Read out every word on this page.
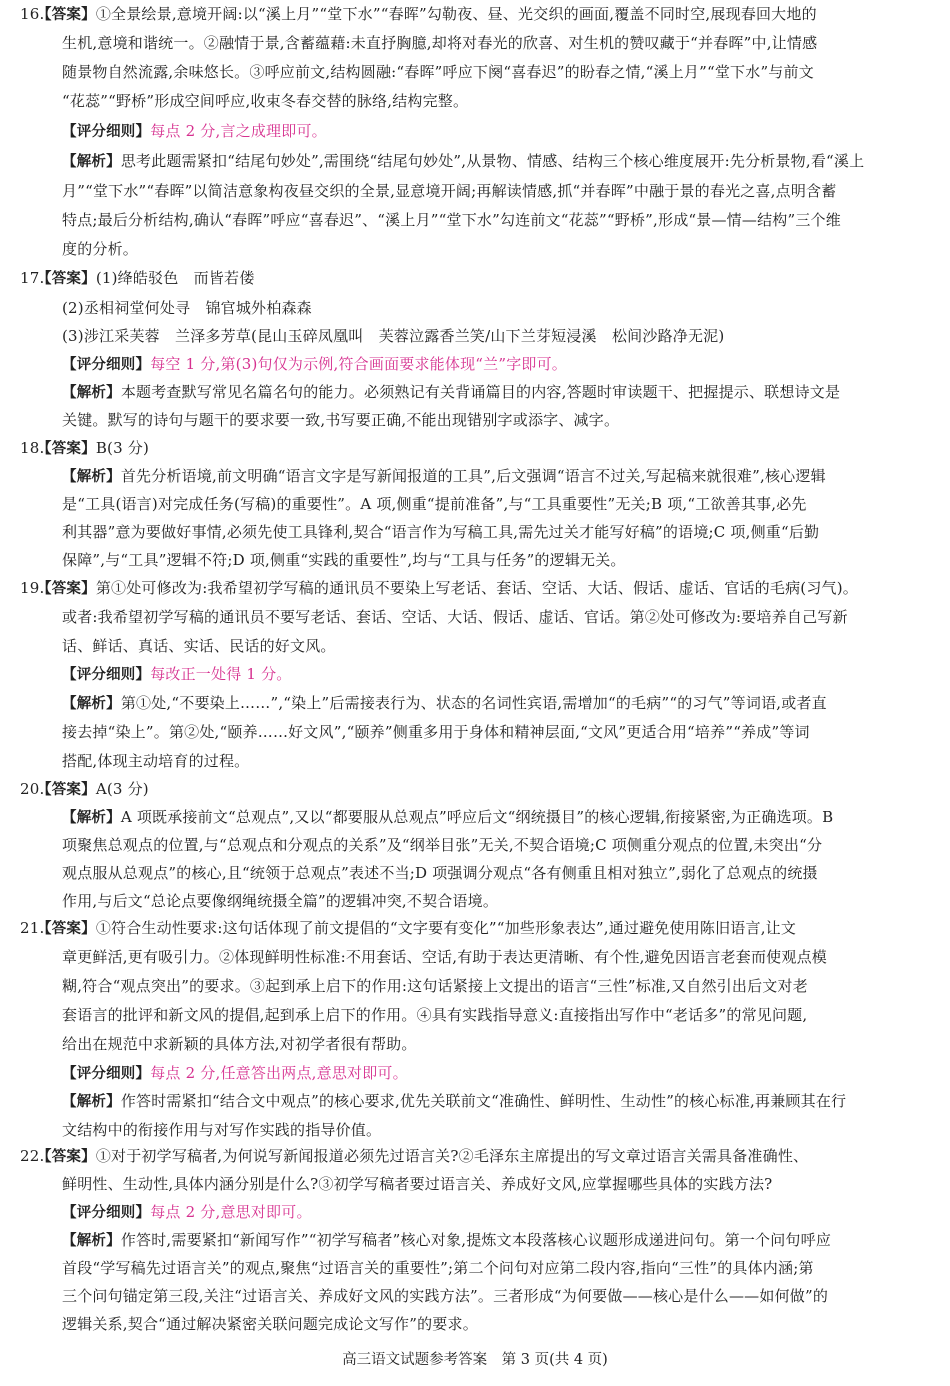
16.
【答案】①全景绘景,意境开阔:以“溪上月”“堂下水”“春晖”勾勒夜、昼、光交织的画面,覆盖不同时空,展现春回大地的
生机,意境和谐统一。②融情于景,含蓄蕴藉:未直抒胸臆,却将对春光的欣喜、对生机的赞叹藏于“并春晖”中,让情感
随景物自然流露,余味悠长。③呼应前文,结构圆融:“春晖”呼应下阕“喜春迟”的盼春之情,“溪上月”“堂下水”与前文
“花蕊”“野桥”形成空间呼应,收束冬春交替的脉络,结构完整。
【评分细则】每点 2 分,言之成理即可。
【解析】思考此题需紧扣“结尾句妙处”,需围绕“结尾句妙处”,从景物、情感、结构三个核心维度展开:先分析景物,看“溪上
月”“堂下水”“春晖”以简洁意象构夜昼交织的全景,显意境开阔;再解读情感,抓“并春晖”中融于景的春光之喜,点明含蓄
特点;最后分析结构,确认“春晖”呼应“喜春迟”、“溪上月”“堂下水”勾连前文“花蕊”“野桥”,形成“景—情—结构”三个维
度的分析。
17.
【答案】(1)绛皓驳色　而皆若偻
(2)丞相祠堂何处寻　锦官城外柏森森
(3)涉江采芙蓉　兰泽多芳草(昆山玉碎凤凰叫　芙蓉泣露香兰笑/山下兰芽短浸溪　松间沙路净无泥)
【评分细则】每空 1 分,第(3)句仅为示例,符合画面要求能体现“兰”字即可。
【解析】本题考查默写常见名篇名句的能力。必须熟记有关背诵篇目的内容,答题时审读题干、把握提示、联想诗文是
关键。默写的诗句与题干的要求要一致,书写要正确,不能出现错别字或添字、减字。
18.
【答案】B(3 分)
【解析】首先分析语境,前文明确“语言文字是写新闻报道的工具”,后文强调“语言不过关,写起稿来就很难”,核心逻辑
是“工具(语言)对完成任务(写稿)的重要性”。A 项,侧重“提前准备”,与“工具重要性”无关;B 项,“工欲善其事,必先
利其器”意为要做好事情,必须先使工具锋利,契合“语言作为写稿工具,需先过关才能写好稿”的语境;C 项,侧重“后勤
保障”,与“工具”逻辑不符;D 项,侧重“实践的重要性”,均与“工具与任务”的逻辑无关。
19.
【答案】第①处可修改为:我希望初学写稿的通讯员不要染上写老话、套话、空话、大话、假话、虚话、官话的毛病(习气)。
或者:我希望初学写稿的通讯员不要写老话、套话、空话、大话、假话、虚话、官话。第②处可修改为:要培养自己写新
话、鲜话、真话、实话、民话的好文风。
【评分细则】每改正一处得 1 分。
【解析】第①处,“不要染上……”,“染上”后需接表行为、状态的名词性宾语,需增加“的毛病”“的习气”等词语,或者直
接去掉“染上”。第②处,“颐养……好文风”,“颐养”侧重多用于身体和精神层面,“文风”更适合用“培养”“养成”等词
搭配,体现主动培育的过程。
20.
【答案】A(3 分)
【解析】A 项既承接前文“总观点”,又以“都要服从总观点”呼应后文“纲统摄目”的核心逻辑,衔接紧密,为正确选项。B
项聚焦总观点的位置,与“总观点和分观点的关系”及“纲举目张”无关,不契合语境;C 项侧重分观点的位置,未突出“分
观点服从总观点”的核心,且“统领于总观点”表述不当;D 项强调分观点“各有侧重且相对独立”,弱化了总观点的统摄
作用,与后文“总论点要像纲绳统摄全篇”的逻辑冲突,不契合语境。
21.
【答案】①符合生动性要求:这句话体现了前文提倡的“文字要有变化”“加些形象表达”,通过避免使用陈旧语言,让文
章更鲜活,更有吸引力。②体现鲜明性标准:不用套话、空话,有助于表达更清晰、有个性,避免因语言老套而使观点模
糊,符合“观点突出”的要求。③起到承上启下的作用:这句话紧接上文提出的语言“三性”标准,又自然引出后文对老
套语言的批评和新文风的提倡,起到承上启下的作用。④具有实践指导意义:直接指出写作中“老话多”的常见问题,
给出在规范中求新颖的具体方法,对初学者很有帮助。
【评分细则】每点 2 分,任意答出两点,意思对即可。
【解析】作答时需紧扣“结合文中观点”的核心要求,优先关联前文“准确性、鲜明性、生动性”的核心标准,再兼顾其在行
文结构中的衔接作用与对写作实践的指导价值。
22.
【答案】①对于初学写稿者,为何说写新闻报道必须先过语言关?②毛泽东主席提出的写文章过语言关需具备准确性、
鲜明性、生动性,具体内涵分别是什么?③初学写稿者要过语言关、养成好文风,应掌握哪些具体的实践方法?
【评分细则】每点 2 分,意思对即可。
【解析】作答时,需要紧扣“新闻写作”“初学写稿者”核心对象,提炼文本段落核心议题形成递进问句。第一个问句呼应
首段“学写稿先过语言关”的观点,聚焦“过语言关的重要性”;第二个问句对应第二段内容,指向“三性”的具体内涵;第
三个问句锚定第三段,关注“过语言关、养成好文风的实践方法”。三者形成“为何要做——核心是什么——如何做”的
逻辑关系,契合“通过解决紧密关联问题完成论文写作”的要求。
高三语文试题参考答案　第 3 页(共 4 页)
